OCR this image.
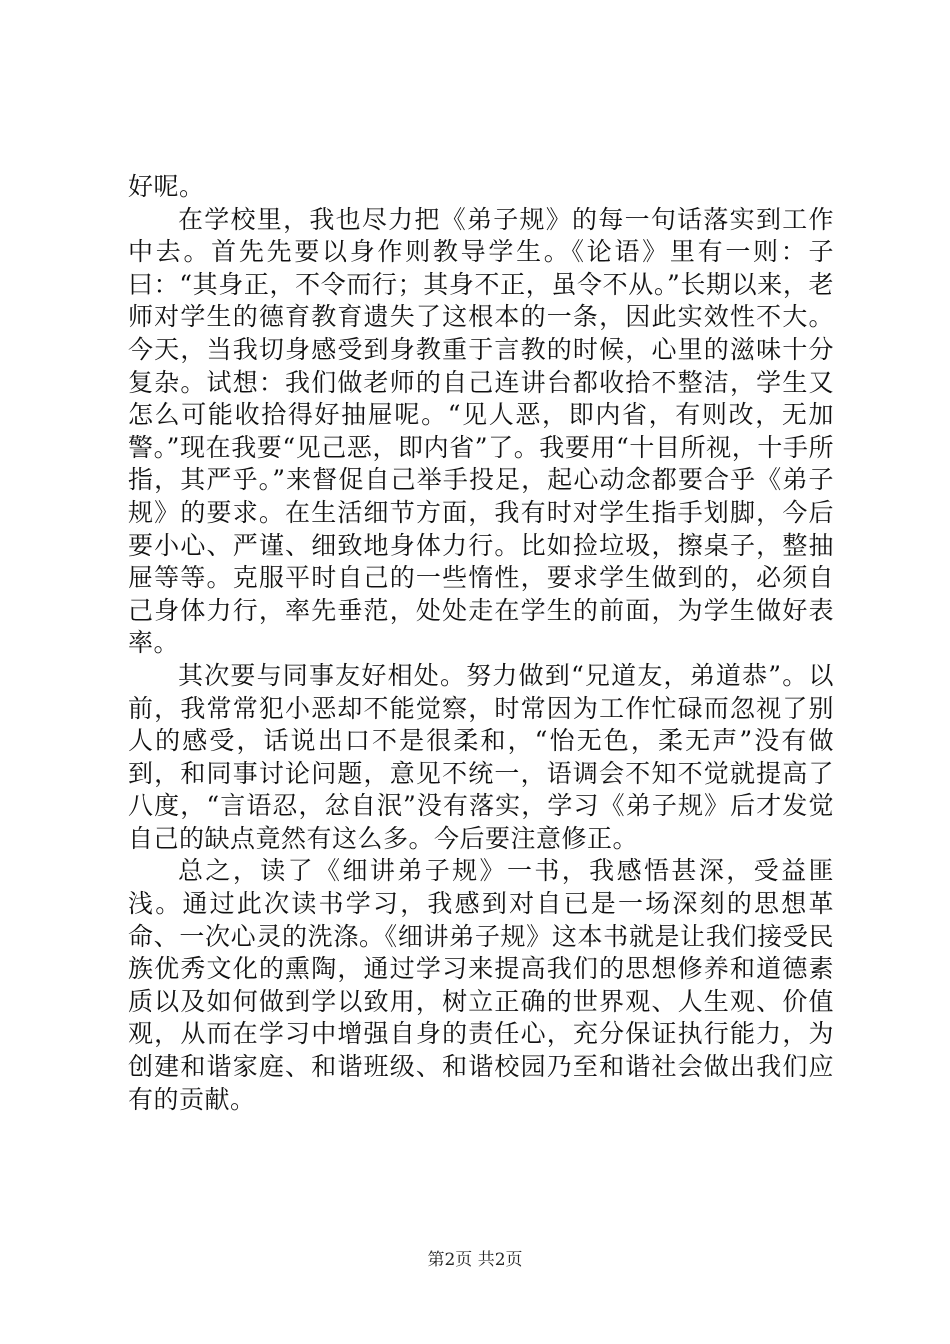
好呢。

在学校里，我也尽力把《弟子规》的每一句话落实到工作中去。首先先要以身作则教导学生。《论语》里有一则：子曰：“其身正，不令而行；其身不正，虽令不从。”长期以来，老师对学生的德育教育遗失了这根本的一条，因此实效性不大。今天，当我切身感受到身教重于言教的时候，心里的滋味十分复杂。试想：我们做老师的自己连讲台都收拾不整洁，学生又怎么可能收拾得好抽屉呢。“见人恶，即内省，有则改，无加警。”现在我要“见己恶，即内省”了。我要用“十目所视，十手所指，其严乎。”来督促自己举手投足，起心动念都要合乎《弟子规》的要求。在生活细节方面，我有时对学生指手划脚，今后要小心、严谨、细致地身体力行。比如捡垃圾，擦桌子，整抽屉等等。克服平时自己的一些惰性，要求学生做到的，必须自己身体力行，率先垂范，处处走在学生的前面，为学生做好表率。

其次要与同事友好相处。努力做到“兄道友，弟道恭”。以前，我常常犯小恶却不能觉察，时常因为工作忙碌而忽视了别人的感受，话说出口不是很柔和，“怡无色，柔无声”没有做到，和同事讨论问题，意见不统一，语调会不知不觉就提高了八度，“言语忍，忿自泯”没有落实，学习《弟子规》后才发觉自己的缺点竟然有这么多。今后要注意修正。

总之，读了《细讲弟子规》一书，我感悟甚深，受益匪浅。通过此次读书学习，我感到对自已是一场深刻的思想革命、一次心灵的洗涤。《细讲弟子规》这本书就是让我们接受民族优秀文化的熏陶，通过学习来提高我们的思想修养和道德素质以及如何做到学以致用，树立正确的世界观、人生观、价值观，从而在学习中增强自身的责任心，充分保证执行能力，为创建和谐家庭、和谐班级、和谐校园乃至和谐社会做出我们应有的贡献。

第2页 共2页
